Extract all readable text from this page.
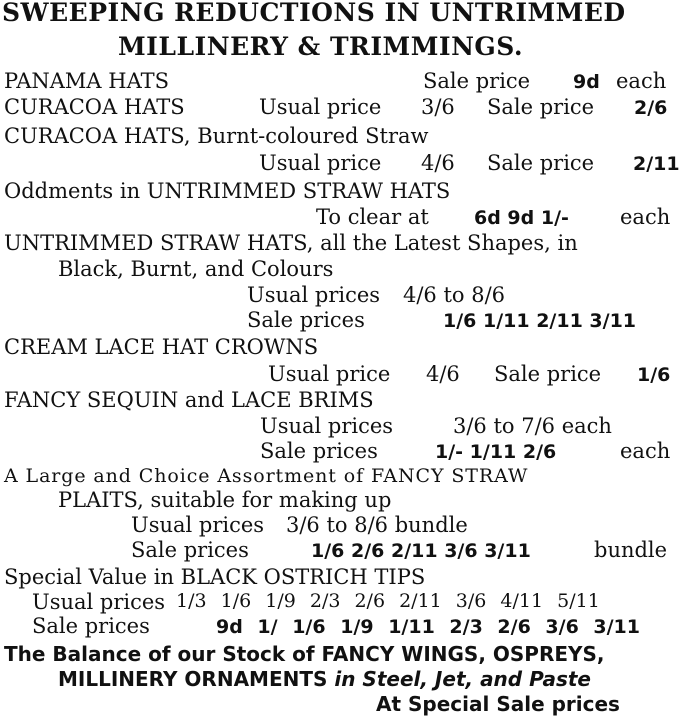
SWEEPING REDUCTIONS IN UNTRIMMED
MILLINERY & TRIMMINGS.
PANAMA HATS	Sale price 9d each
CURACOA HATS	Usual price 3/6 Sale price 2/6
CURACOA HATS, Burnt-coloured Straw
Usual price 4/6 Sale price 2/11
Oddments in UNTRIMMED STRAW HATS
To clear at 6d 9d 1/- each
UNTRIMMED STRAW HATS, all the Latest Shapes, in
Black, Burnt, and Colours
Usual prices 4/6 to 8/6
Sale prices	1/6 1/11 2/11 3/11
CREAM LACE HAT CROWNS
Usual price 4/6 Sale price 1/6
FANCY SEQUIN and LACE BRIMS
Usual prices	3/6 to 7/6 each
Sale prices	1/- 1/11 2/6	each
A Large and Choice Assortment of FANCY STRAW
PLAITS, suitable for making up
Usual prices 3/6 to 8/6 bundle
Sale prices	1/6 2/6 2/11 3/6 3/11	bundle
Special Value in BLACK OSTRICH TIPS
Usual prices 1/3 1/6 1/9 2/3 2/6 2/11 3/6 4/11 5/11
Sale prices	9d 1/ 1/6 1/9 1/11 2/3 2/6 3/6 3/11
The Balance of our Stock of FANCY WINGS, OSPREYS,
MILLINERY ORNAMENTS in Steel, Jet, and Paste
At Special Sale prices
